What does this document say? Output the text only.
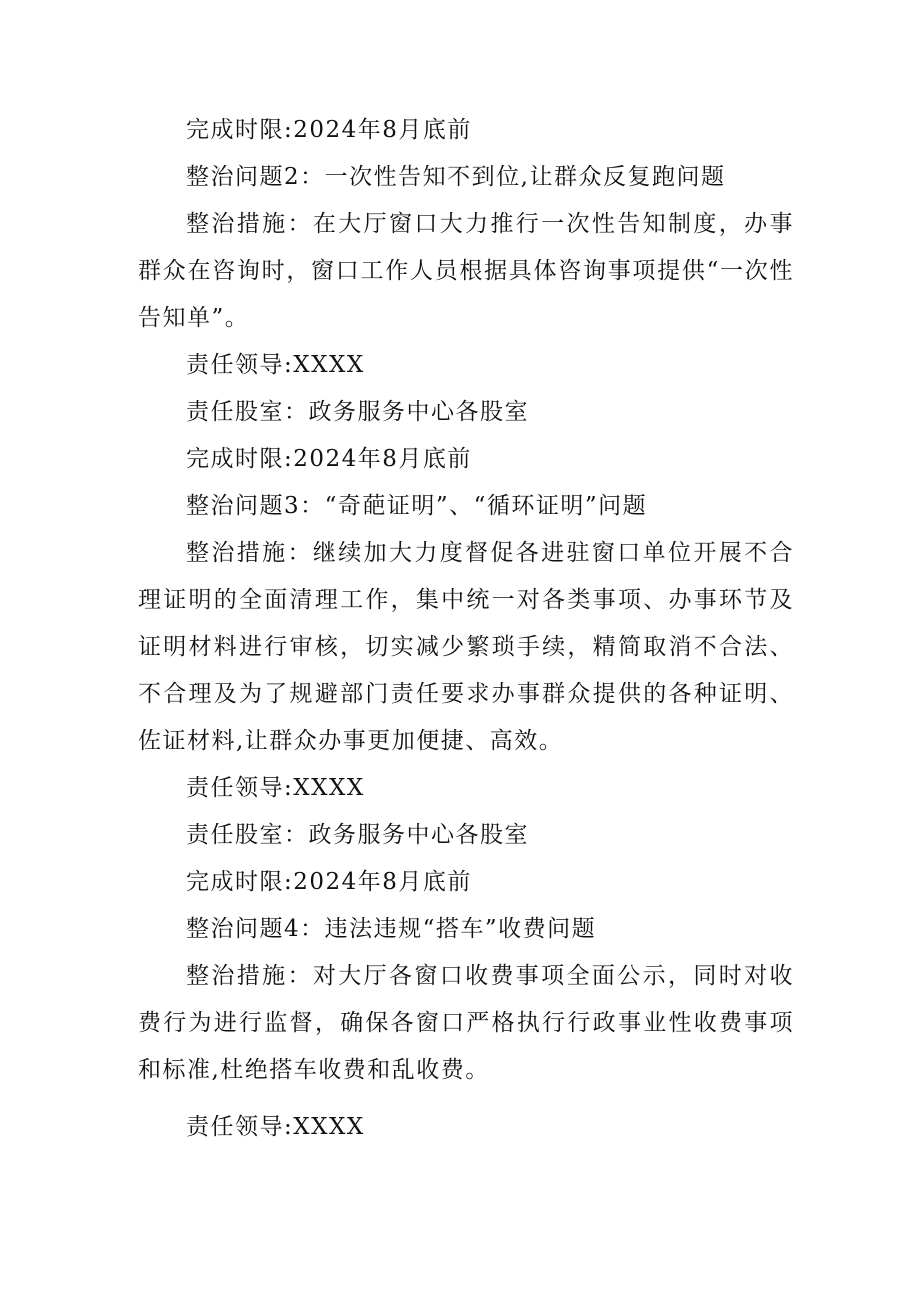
完成时限:2024年8月底前

整治问题2：一次性告知不到位,让群众反复跑问题

整治措施：在大厅窗口大力推行一次性告知制度，办事群众在咨询时，窗口工作人员根据具体咨询事项提供“一次性告知单”。

责任领导:XXXX

责任股室：政务服务中心各股室

完成时限:2024年8月底前

整治问题3：“奇葩证明”、“循环证明”问题

整治措施：继续加大力度督促各进驻窗口单位开展不合理证明的全面清理工作，集中统一对各类事项、办事环节及证明材料进行审核，切实减少繁琐手续，精简取消不合法、不合理及为了规避部门责任要求办事群众提供的各种证明、佐证材料,让群众办事更加便捷、高效。

责任领导:XXXX

责任股室：政务服务中心各股室

完成时限:2024年8月底前

整治问题4：违法违规“搭车”收费问题

整治措施：对大厅各窗口收费事项全面公示，同时对收费行为进行监督，确保各窗口严格执行行政事业性收费事项和标准,杜绝搭车收费和乱收费。

责任领导:XXXX
